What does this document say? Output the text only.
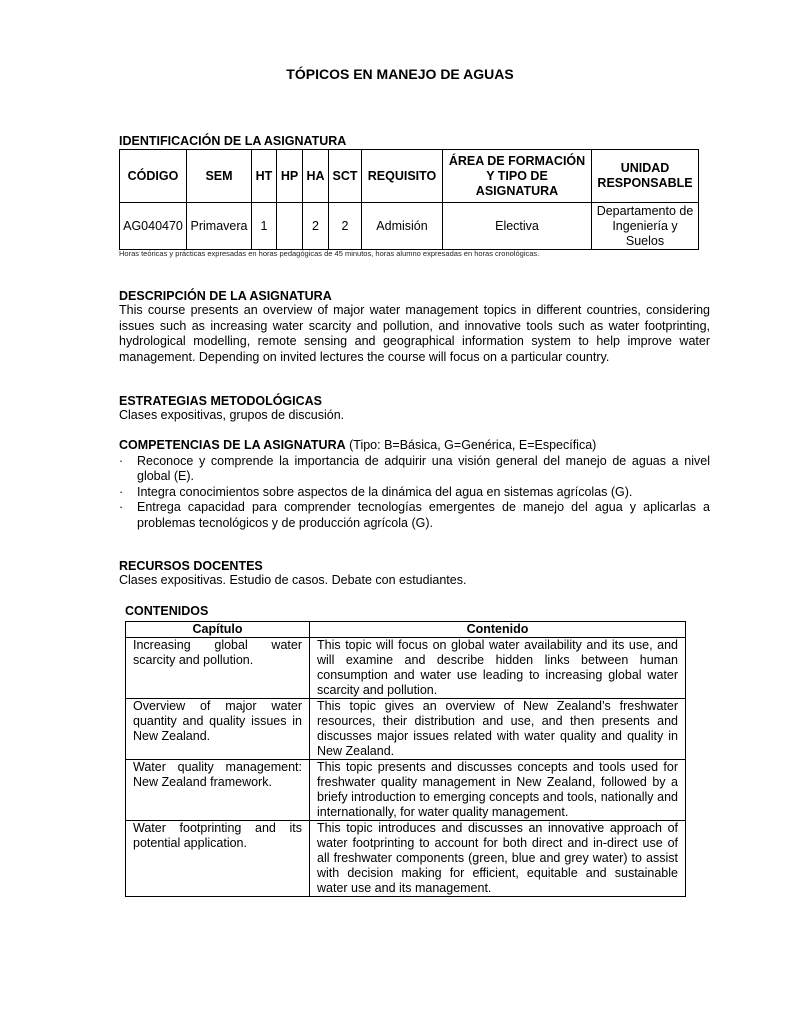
TÓPICOS EN MANEJO DE AGUAS
IDENTIFICACIÓN DE LA ASIGNATURA
CÓDIGO	SEM	HT	HP	HA	SCT	REQUISITO	ÁREA DE FORMACIÓN Y TIPO DE ASIGNATURA	UNIDAD RESPONSABLE
AG040470	Primavera	1		2	2	Admisión	Electiva	Departamento de Ingeniería y Suelos
Horas teóricas y prácticas expresadas en horas pedagógicas de 45 minutos, horas alumno expresadas en horas cronológicas.
DESCRIPCIÓN DE LA ASIGNATURA
This course presents an overview of major water management topics in different countries, considering issues such as increasing water scarcity and pollution, and innovative tools such as water footprinting, hydrological modelling, remote sensing and geographical information system to help improve water management. Depending on invited lectures the course will focus on a particular country.
ESTRATEGIAS METODOLÓGICAS
Clases expositivas, grupos de discusión.
COMPETENCIAS DE LA ASIGNATURA (Tipo: B=Básica, G=Genérica, E=Específica)
· Reconoce y comprende la importancia de adquirir una visión general del manejo de aguas a nivel global (E).
· Integra conocimientos sobre aspectos de la dinámica del agua en sistemas agrícolas (G).
· Entrega capacidad para comprender tecnologías emergentes de manejo del agua y aplicarlas a problemas tecnológicos y de producción agrícola (G).
RECURSOS DOCENTES
Clases expositivas. Estudio de casos. Debate con estudiantes.
CONTENIDOS
Capítulo	Contenido
Increasing global water scarcity and pollution.	This topic will focus on global water availability and its use, and will examine and describe hidden links between human consumption and water use leading to increasing global water scarcity and pollution.
Overview of major water quantity and quality issues in New Zealand.	This topic gives an overview of New Zealand’s freshwater resources, their distribution and use, and then presents and discusses major issues related with water quality and quality in New Zealand.
Water quality management: New Zealand framework.	This topic presents and discusses concepts and tools used for freshwater quality management in New Zealand, followed by a briefy introduction to emerging concepts and tools, nationally and internationally, for water quality management.
Water footprinting and its potential application.	This topic introduces and discusses an innovative approach of water footprinting to account for both direct and in-direct use of all freshwater components (green, blue and grey water) to assist with decision making for efficient, equitable and sustainable water use and its management.
